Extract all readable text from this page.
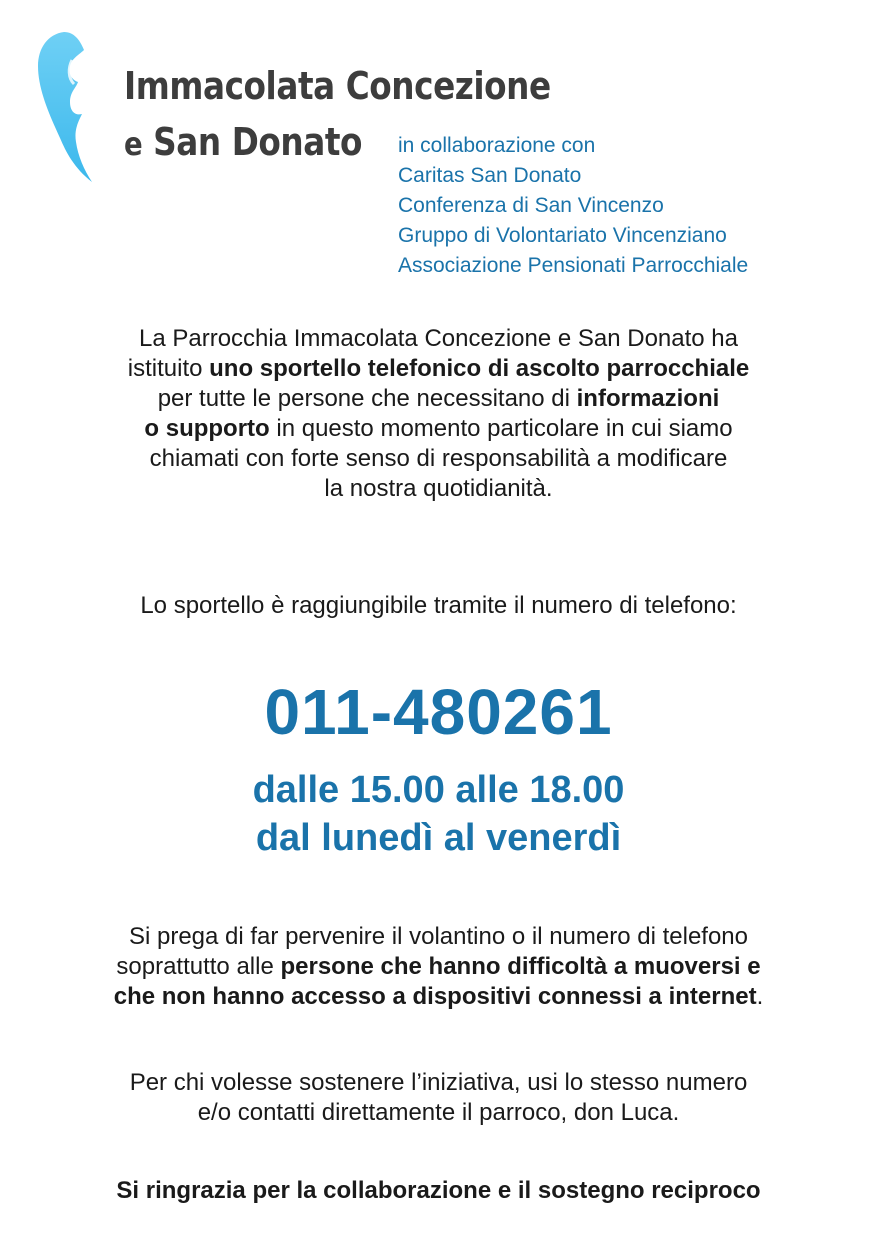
Immacolata Concezione
e San Donato	in collaborazione con
Caritas San Donato
Conferenza di San Vincenzo
Gruppo di Volontariato Vincenziano
Associazione Pensionati Parrocchiale
La Parrocchia Immacolata Concezione e San Donato ha
istituito uno sportello telefonico di ascolto parrocchiale
per tutte le persone che necessitano di informazioni
o supporto in questo momento particolare in cui siamo
chiamati con forte senso di responsabilità a modificare
la nostra quotidianità.
Lo sportello è raggiungibile tramite il numero di telefono:
011-480261
dalle 15.00 alle 18.00
dal lunedì al venerdì
Si prega di far pervenire il volantino o il numero di telefono
soprattutto alle persone che hanno difficoltà a muoversi e
che non hanno accesso a dispositivi connessi a internet.
Per chi volesse sostenere l’iniziativa, usi lo stesso numero
e/o contatti direttamente il parroco, don Luca.
Si ringrazia per la collaborazione e il sostegno reciproco
